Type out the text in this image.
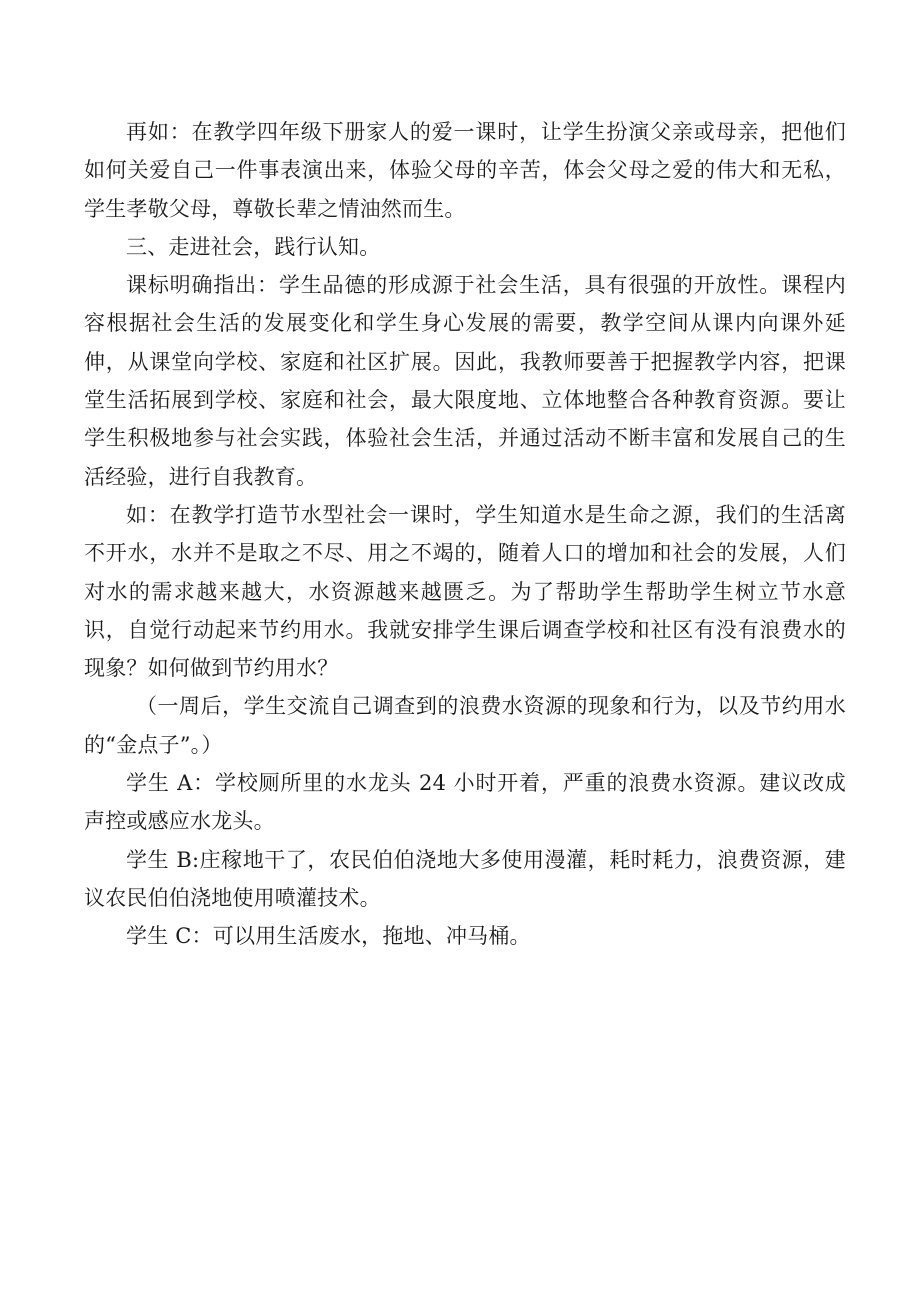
再如：在教学四年级下册家人的爱一课时，让学生扮演父亲或母亲，把他们如何关爱自己一件事表演出来，体验父母的辛苦，体会父母之爱的伟大和无私，学生孝敬父母，尊敬长辈之情油然而生。

三、走进社会，践行认知。

课标明确指出：学生品德的形成源于社会生活，具有很强的开放性。课程内容根据社会生活的发展变化和学生身心发展的需要，教学空间从课内向课外延伸，从课堂向学校、家庭和社区扩展。因此，我教师要善于把握教学内容，把课堂生活拓展到学校、家庭和社会，最大限度地、立体地整合各种教育资源。要让学生积极地参与社会实践，体验社会生活，并通过活动不断丰富和发展自己的生活经验，进行自我教育。

如：在教学打造节水型社会一课时，学生知道水是生命之源，我们的生活离不开水，水并不是取之不尽、用之不竭的，随着人口的增加和社会的发展，人们对水的需求越来越大，水资源越来越匮乏。为了帮助学生帮助学生树立节水意识，自觉行动起来节约用水。我就安排学生课后调查学校和社区有没有浪费水的现象？如何做到节约用水？

（一周后，学生交流自己调查到的浪费水资源的现象和行为，以及节约用水的“金点子”。）

学生 A：学校厕所里的水龙头 24 小时开着，严重的浪费水资源。建议改成声控或感应水龙头。

学生 B:庄稼地干了，农民伯伯浇地大多使用漫灌，耗时耗力，浪费资源，建议农民伯伯浇地使用喷灌技术。

学生 C：可以用生活废水，拖地、冲马桶。
